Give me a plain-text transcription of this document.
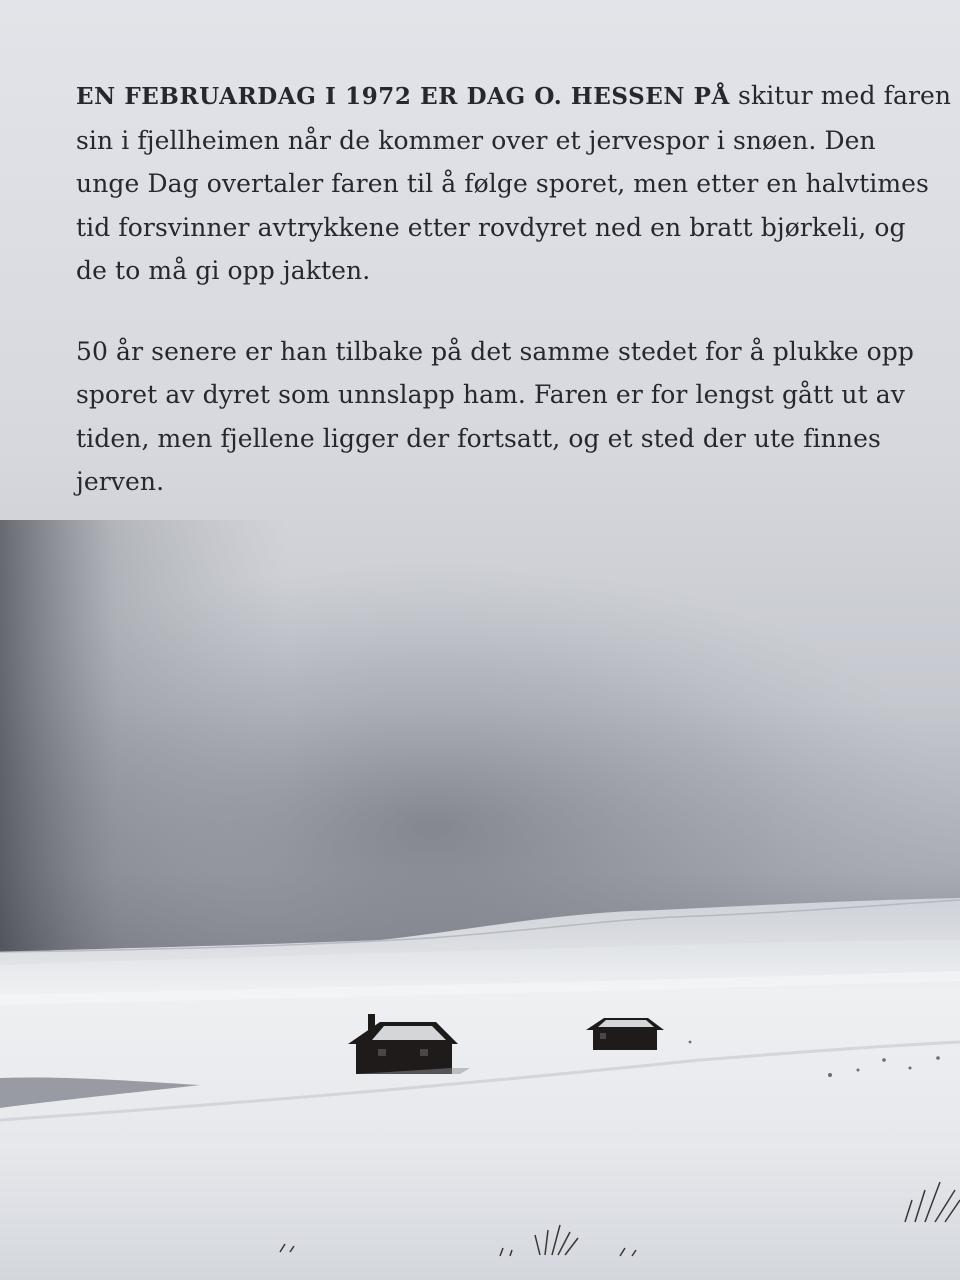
EN FEBRUARDAG I 1972 ER DAG O. HESSEN PÅ skitur med faren
sin i fjellheimen når de kommer over et jervespor i snøen. Den
unge Dag overtaler faren til å følge sporet, men etter en halvtimes
tid forsvinner avtrykkene etter rovdyret ned en bratt bjørkeli, og
de to må gi opp jakten.

50 år senere er han tilbake på det samme stedet for å plukke opp
sporet av dyret som unnslapp ham. Faren er for lengst gått ut av
tiden, men fjellene ligger der fortsatt, og et sted der ute finnes
jerven.
